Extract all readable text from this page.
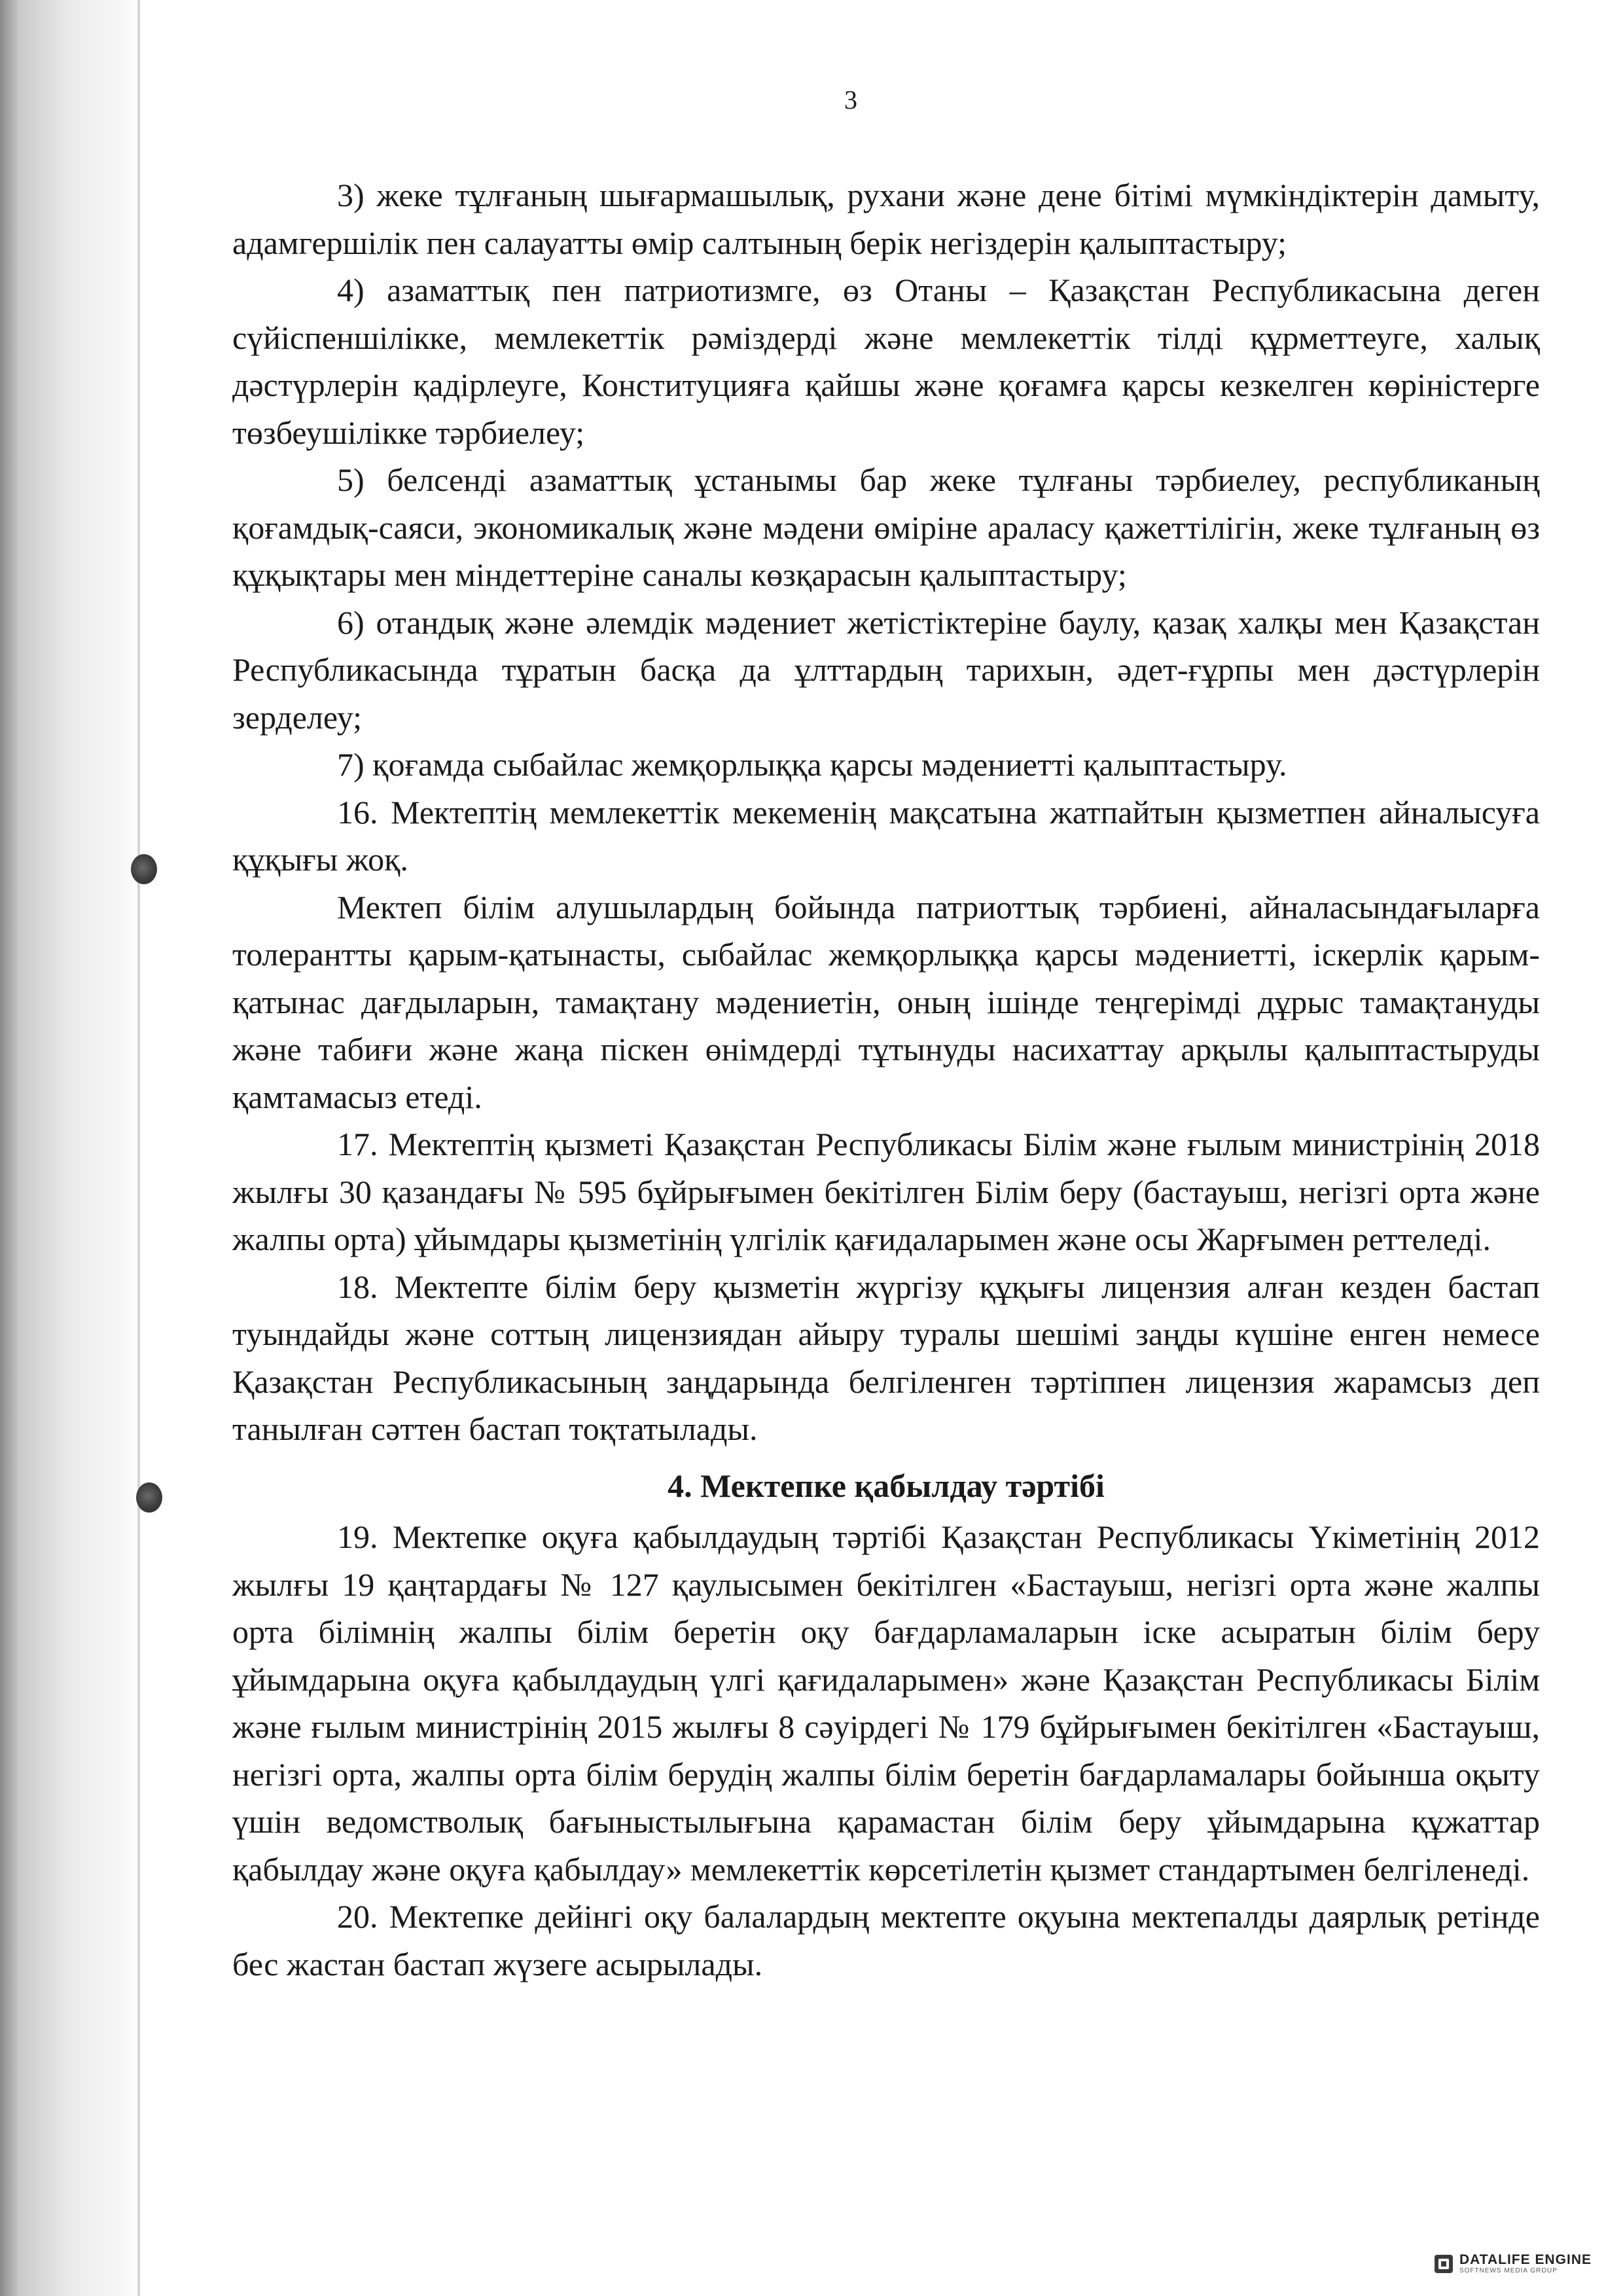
3

3) жеке тұлғаның шығармашылық, рухани және дене бітімі мүмкіндіктерін дамыту, адамгершілік пен салауатты өмір салтының берік негіздерін қалыптастыру;

4) азаматтық пен патриотизмге, өз Отаны – Қазақстан Республикасына деген сүйіспеншілікке, мемлекеттік рәміздерді және мемлекеттік тілді құрметтеуге, халық дәстүрлерін қадірлеуге, Конституцияға қайшы және қоғамға қарсы кезкелген көріністерге төзбеушілікке тәрбиелеу;

5) белсенді азаматтық ұстанымы бар жеке тұлғаны тәрбиелеу, республиканың қоғамдық-саяси, экономикалық және мәдени өміріне араласу қажеттілігін, жеке тұлғаның өз құқықтары мен міндеттеріне саналы көзқарасын қалыптастыру;

6) отандық және әлемдік мәдениет жетістіктеріне баулу, қазақ халқы мен Қазақстан Республикасында тұратын басқа да ұлттардың тарихын, әдет-ғұрпы мен дәстүрлерін зерделеу;

7) қоғамда сыбайлас жемқорлыққа қарсы мәдениетті қалыптастыру.

16. Мектептің мемлекеттік мекеменің мақсатына жатпайтын қызметпен айналысуға құқығы жоқ.

Мектеп білім алушылардың бойында патриоттық тәрбиені, айналасындағыларға толерантты қарым-қатынасты, сыбайлас жемқорлыққа қарсы мәдениетті, іскерлік қарым-қатынас дағдыларын, тамақтану мәдениетін, оның ішінде теңгерімді дұрыс тамақтануды және табиғи және жаңа піскен өнімдерді тұтынуды насихаттау арқылы қалыптастыруды қамтамасыз етеді.

17. Мектептің қызметі Қазақстан Республикасы Білім және ғылым министрінің 2018 жылғы 30 қазандағы № 595 бұйрығымен бекітілген Білім беру (бастауыш, негізгі орта және жалпы орта) ұйымдары қызметінің үлгілік қағидаларымен және осы Жарғымен реттеледі.

18. Мектепте білім беру қызметін жүргізу құқығы лицензия алған кезден бастап туындайды және соттың лицензиядан айыру туралы шешімі заңды күшіне енген немесе Қазақстан Республикасының заңдарында белгіленген тәртіппен лицензия жарамсыз деп танылған сәттен бастап тоқтатылады.

4. Мектепке қабылдау тәртібі

19. Мектепке оқуға қабылдаудың тәртібі Қазақстан Республикасы Үкіметінің 2012 жылғы 19 қаңтардағы № 127 қаулысымен бекітілген «Бастауыш, негізгі орта және жалпы орта білімнің жалпы білім беретін оқу бағдарламаларын іске асыратын білім беру ұйымдарына оқуға қабылдаудың үлгі қағидаларымен» және Қазақстан Республикасы Білім және ғылым министрінің 2015 жылғы 8 сәуірдегі № 179 бұйрығымен бекітілген «Бастауыш, негізгі орта, жалпы орта білім берудің жалпы білім беретін бағдарламалары бойынша оқыту үшін ведомстволық бағыныстылығына қарамастан білім беру ұйымдарына құжаттар қабылдау және оқуға қабылдау» мемлекеттік көрсетілетін қызмет стандартымен белгіленеді.

20. Мектепке дейінгі оқу балалардың мектепте оқуына мектепалды даярлық ретінде бес жастан бастап жүзеге асырылады.

DATALIFE ENGINE
SOFTNEWS MEDIA GROUP
